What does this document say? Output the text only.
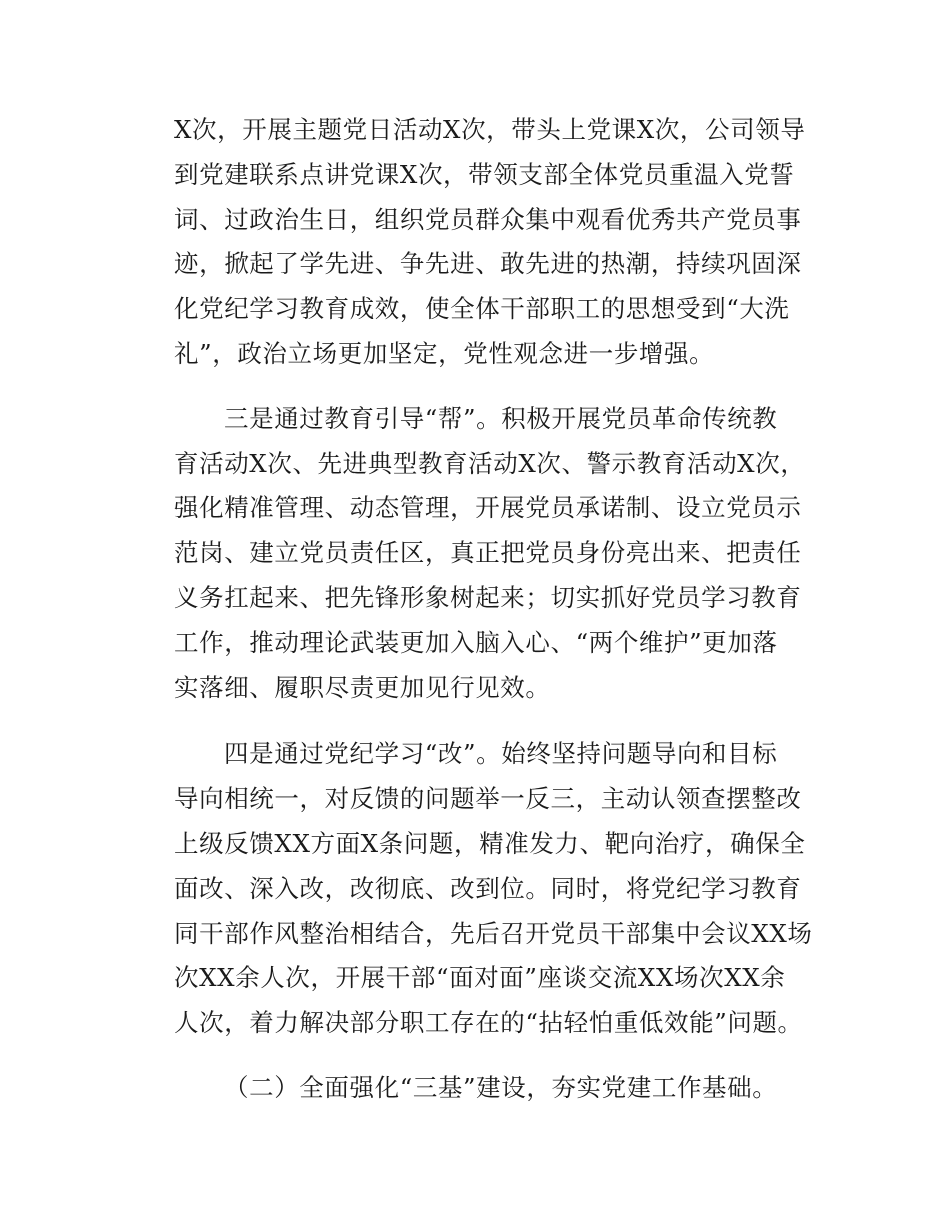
X次，开展主题党日活动X次，带头上党课X次，公司领导
到党建联系点讲党课X次，带领支部全体党员重温入党誓
词、过政治生日，组织党员群众集中观看优秀共产党员事
迹，掀起了学先进、争先进、敢先进的热潮，持续巩固深
化党纪学习教育成效，使全体干部职工的思想受到“大洗
礼”，政治立场更加坚定，党性观念进一步增强。

三是通过教育引导“帮”。积极开展党员革命传统教
育活动X次、先进典型教育活动X次、警示教育活动X次，
强化精准管理、动态管理，开展党员承诺制、设立党员示
范岗、建立党员责任区，真正把党员身份亮出来、把责任
义务扛起来、把先锋形象树起来；切实抓好党员学习教育
工作，推动理论武装更加入脑入心、“两个维护”更加落
实落细、履职尽责更加见行见效。

四是通过党纪学习“改”。始终坚持问题导向和目标
导向相统一，对反馈的问题举一反三，主动认领查摆整改
上级反馈XX方面X条问题，精准发力、靶向治疗，确保全
面改、深入改，改彻底、改到位。同时，将党纪学习教育
同干部作风整治相结合，先后召开党员干部集中会议XX场
次XX余人次，开展干部“面对面”座谈交流XX场次XX余
人次，着力解决部分职工存在的“拈轻怕重低效能”问题。

（二）全面强化“三基”建设，夯实党建工作基础。
